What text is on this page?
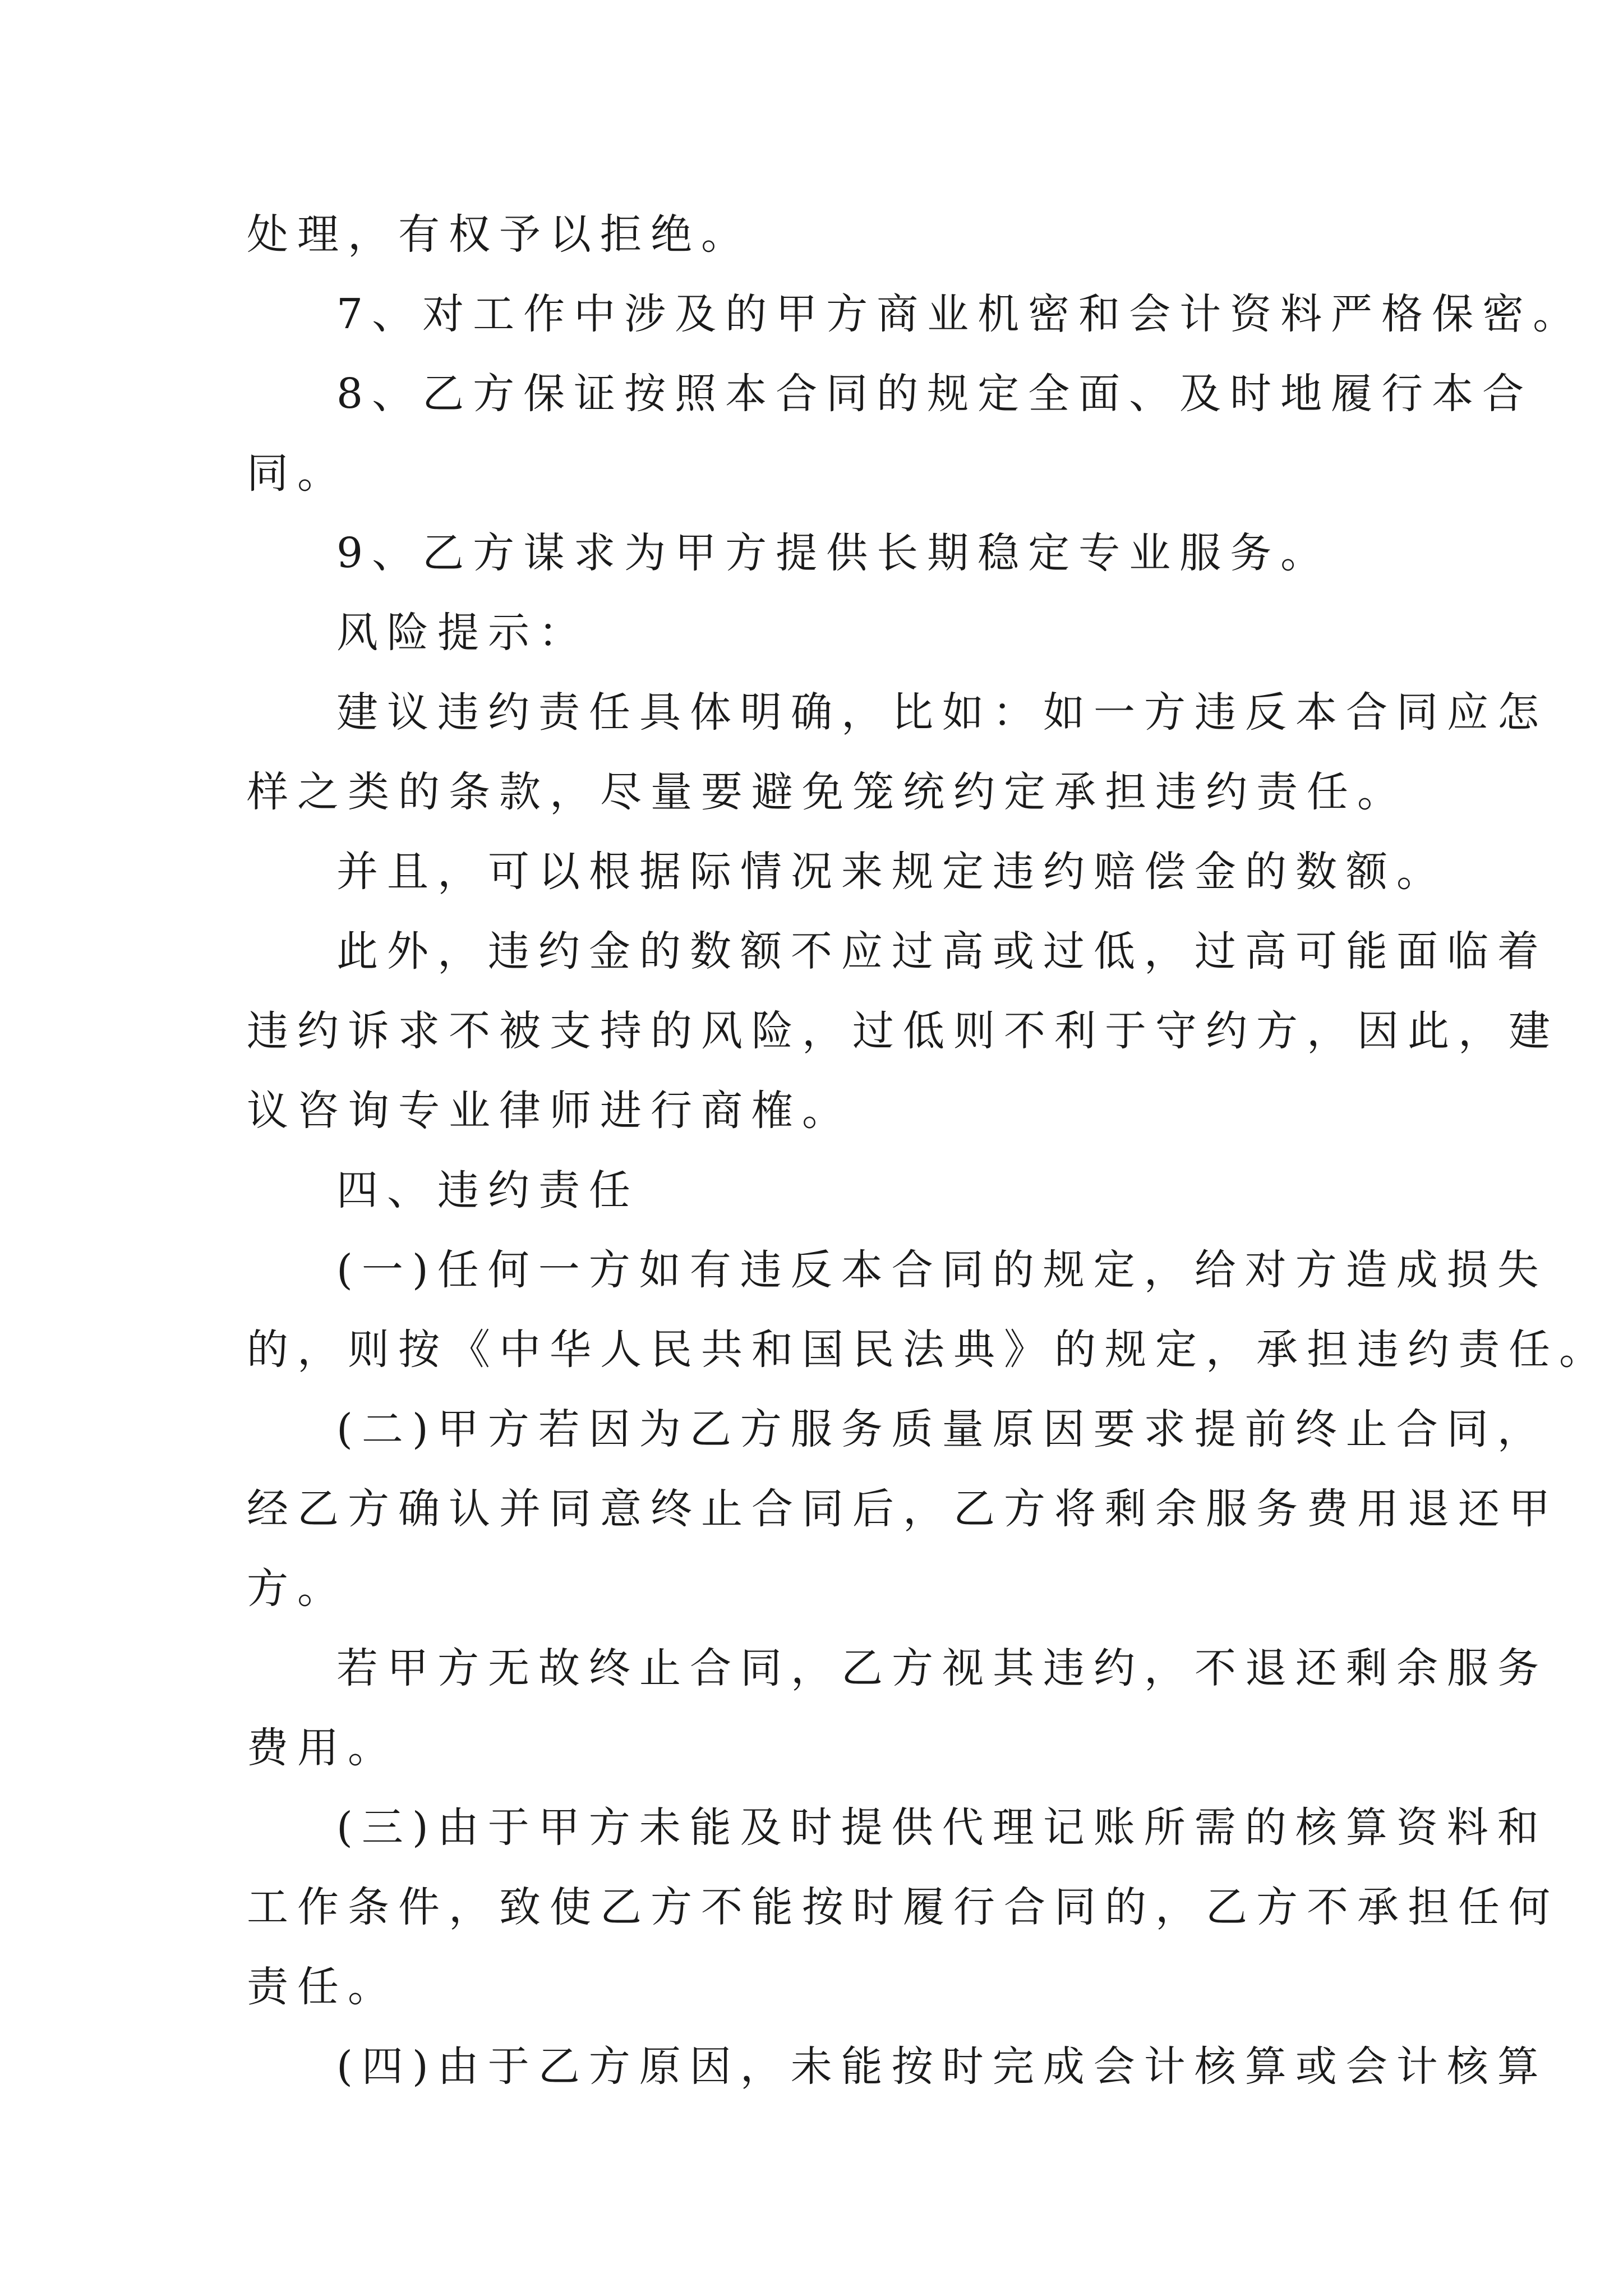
处理，有权予以拒绝。
7、对工作中涉及的甲方商业机密和会计资料严格保密。
8、乙方保证按照本合同的规定全面、及时地履行本合
同。
9、乙方谋求为甲方提供长期稳定专业服务。
风险提示：
建议违约责任具体明确，比如：如一方违反本合同应怎
样之类的条款，尽量要避免笼统约定承担违约责任。
并且，可以根据际情况来规定违约赔偿金的数额。
此外，违约金的数额不应过高或过低，过高可能面临着
违约诉求不被支持的风险，过低则不利于守约方，因此，建
议咨询专业律师进行商榷。
四、违约责任
(一)任何一方如有违反本合同的规定，给对方造成损失
的，则按《中华人民共和国民法典》的规定，承担违约责任。
(二)甲方若因为乙方服务质量原因要求提前终止合同，
经乙方确认并同意终止合同后，乙方将剩余服务费用退还甲
方。
若甲方无故终止合同，乙方视其违约，不退还剩余服务
费用。
(三)由于甲方未能及时提供代理记账所需的核算资料和
工作条件，致使乙方不能按时履行合同的，乙方不承担任何
责任。
(四)由于乙方原因，未能按时完成会计核算或会计核算
